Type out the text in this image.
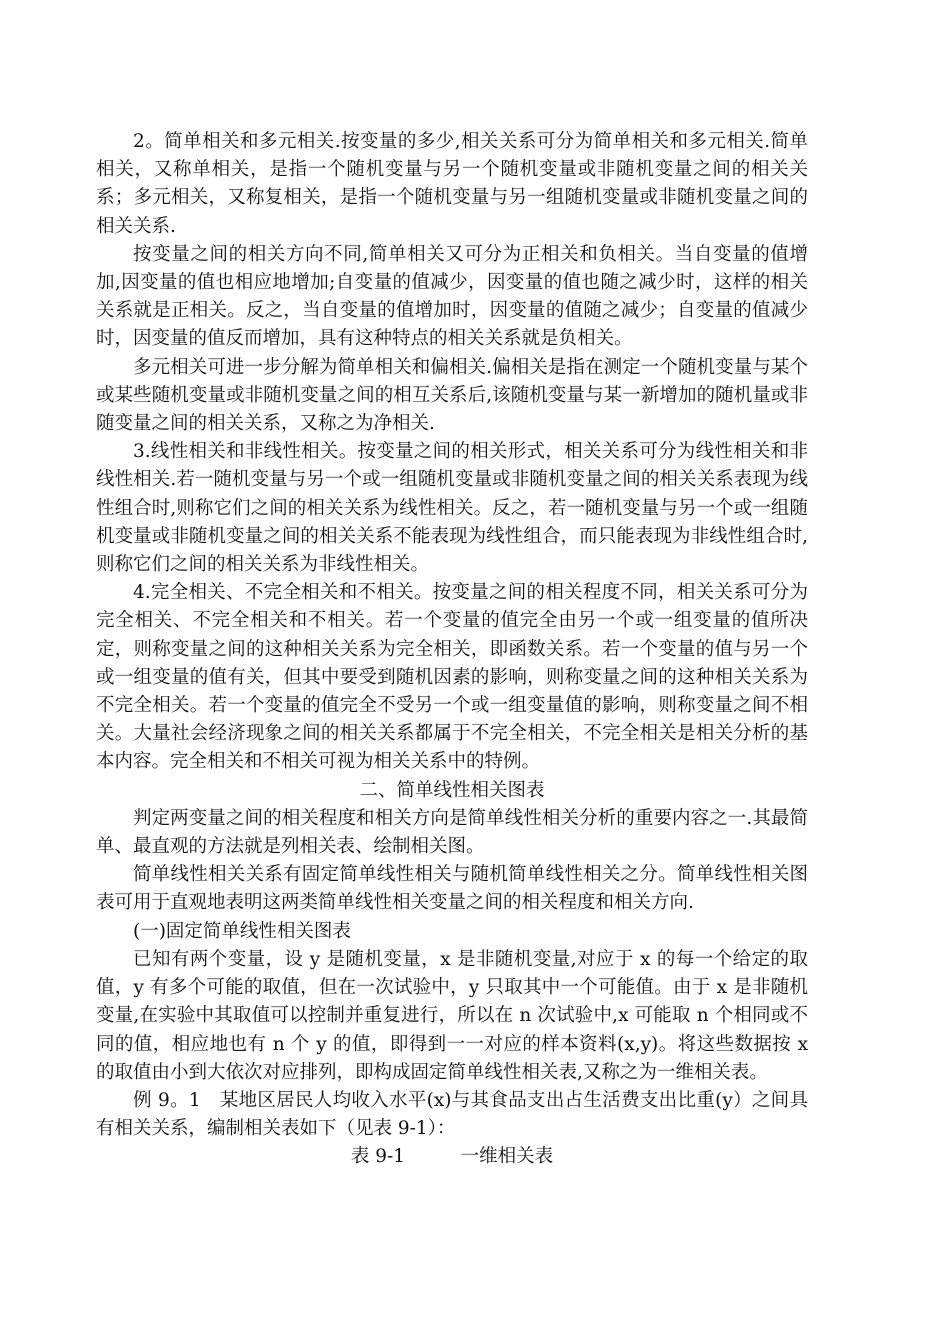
2。简单相关和多元相关.按变量的多少,相关关系可分为简单相关和多元相关.简单相关，又称单相关，是指一个随机变量与另一个随机变量或非随机变量之间的相关关系；多元相关，又称复相关，是指一个随机变量与另一组随机变量或非随机变量之间的相关关系.

按变量之间的相关方向不同,简单相关又可分为正相关和负相关。当自变量的值增加,因变量的值也相应地增加;自变量的值减少，因变量的值也随之减少时，这样的相关关系就是正相关。反之，当自变量的值增加时，因变量的值随之减少；自变量的值减少时，因变量的值反而增加，具有这种特点的相关关系就是负相关。

多元相关可进一步分解为简单相关和偏相关.偏相关是指在测定一个随机变量与某个或某些随机变量或非随机变量之间的相互关系后,该随机变量与某一新增加的随机量或非随变量之间的相关关系，又称之为净相关.

3.线性相关和非线性相关。按变量之间的相关形式，相关关系可分为线性相关和非线性相关.若一随机变量与另一个或一组随机变量或非随机变量之间的相关关系表现为线性组合时,则称它们之间的相关关系为线性相关。反之，若一随机变量与另一个或一组随机变量或非随机变量之间的相关关系不能表现为线性组合，而只能表现为非线性组合时,则称它们之间的相关关系为非线性相关。

4.完全相关、不完全相关和不相关。按变量之间的相关程度不同，相关关系可分为完全相关、不完全相关和不相关。若一个变量的值完全由另一个或一组变量的值所决定，则称变量之间的这种相关关系为完全相关，即函数关系。若一个变量的值与另一个或一组变量的值有关，但其中要受到随机因素的影响，则称变量之间的这种相关关系为不完全相关。若一个变量的值完全不受另一个或一组变量值的影响，则称变量之间不相关。大量社会经济现象之间的相关关系都属于不完全相关，不完全相关是相关分析的基本内容。完全相关和不相关可视为相关关系中的特例。

二、简单线性相关图表

判定两变量之间的相关程度和相关方向是简单线性相关分析的重要内容之一.其最简单、最直观的方法就是列相关表、绘制相关图。

简单线性相关关系有固定简单线性相关与随机简单线性相关之分。简单线性相关图表可用于直观地表明这两类简单线性相关变量之间的相关程度和相关方向.

(一)固定简单线性相关图表

已知有两个变量，设 y 是随机变量，x 是非随机变量,对应于 x 的每一个给定的取值，y 有多个可能的取值，但在一次试验中，y 只取其中一个可能值。由于 x 是非随机变量,在实验中其取值可以控制并重复进行，所以在 n 次试验中,x 可能取 n 个相同或不同的值，相应地也有 n 个 y 的值，即得到一一对应的样本资料(x,y)。将这些数据按 x 的取值由小到大依次对应排列，即构成固定简单线性相关表,又称之为一维相关表。

例 9。1　某地区居民人均收入水平(x)与其食品支出占生活费支出比重(y）之间具有相关关系，编制相关表如下（见表 9-1）：

表 9-1　　　一维相关表
